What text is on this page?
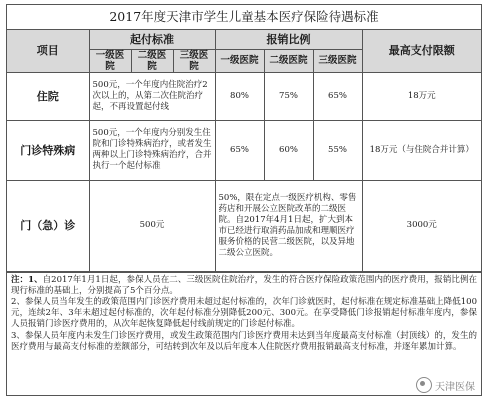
2017年度天津市学生儿童基本医疗保险待遇标准
项目	起付标准			报销比例			最高支付限额
	一级医院	二级医院	三级医院	一级医院	二级医院	三级医院	
住院	500元，一个年度内住院治疗2次以上的，从第二次住院治疗起，不再设置起付线			80%	75%	65%	18万元
门诊特殊病	500元，一个年度内分别发生住院和门诊特殊病治疗，或者发生两种以上门诊特殊病治疗，合并执行一个起付标准			65%	60%	55%	18万元（与住院合并计算）
门（急）诊	500元			50%，限在定点一级医疗机构、零售药店和开展公立医院改革的二级医院。自2017年4月1日起，扩大到本市已经进行取消药品加成和理顺医疗服务价格的民营二级医院，以及异地二级公立医院。			3000元

注：1、自2017年1月1日起，参保人员在二、三级医院住院治疗，发生的符合医疗保险政策范围内的医疗费用，报销比例在现行标准的基础上，分别提高了5个百分点。

2、参保人员当年发生的政策范围内门诊医疗费用未超过起付标准的，次年门诊就医时，起付标准在规定标准基础上降低100元，连续2年、3年未超过起付标准的，次年起付标准分别降低200元、300元。在享受降低门诊报销起付标准年度内，参保人员报销门诊医疗费用的，从次年起恢复降低起付线前规定的门诊起付标准。

3、参保人员年度内未发生门诊医疗费用，或发生政策范围内门诊医疗费用未达到当年度最高支付标准（封顶线）的，发生的医疗费用与最高支付标准的差额部分，可结转到次年及以后年度本人住院医疗费用报销最高支付标准，并逐年累加计算。

天津医保
